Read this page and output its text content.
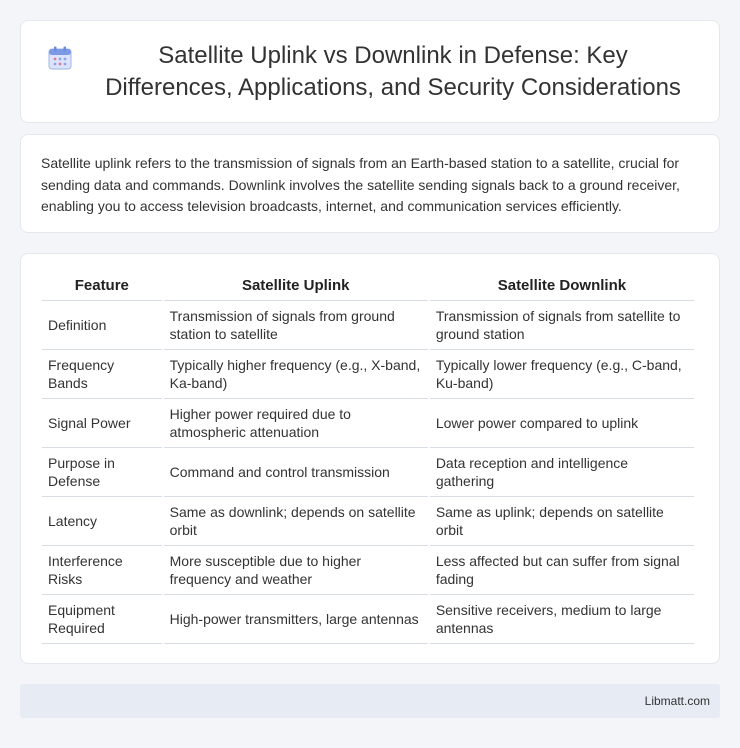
Satellite Uplink vs Downlink in Defense: Key Differences, Applications, and Security Considerations

Satellite uplink refers to the transmission of signals from an Earth-based station to a satellite, crucial for sending data and commands. Downlink involves the satellite sending signals back to a ground receiver, enabling you to access television broadcasts, internet, and communication services efficiently.

Feature	Satellite Uplink	Satellite Downlink
Definition	Transmission of signals from ground station to satellite	Transmission of signals from satellite to ground station
Frequency Bands	Typically higher frequency (e.g., X-band, Ka-band)	Typically lower frequency (e.g., C-band, Ku-band)
Signal Power	Higher power required due to atmospheric attenuation	Lower power compared to uplink
Purpose in Defense	Command and control transmission	Data reception and intelligence gathering
Latency	Same as downlink; depends on satellite orbit	Same as uplink; depends on satellite orbit
Interference Risks	More susceptible due to higher frequency and weather	Less affected but can suffer from signal fading
Equipment Required	High-power transmitters, large antennas	Sensitive receivers, medium to large antennas
Libmatt.com
